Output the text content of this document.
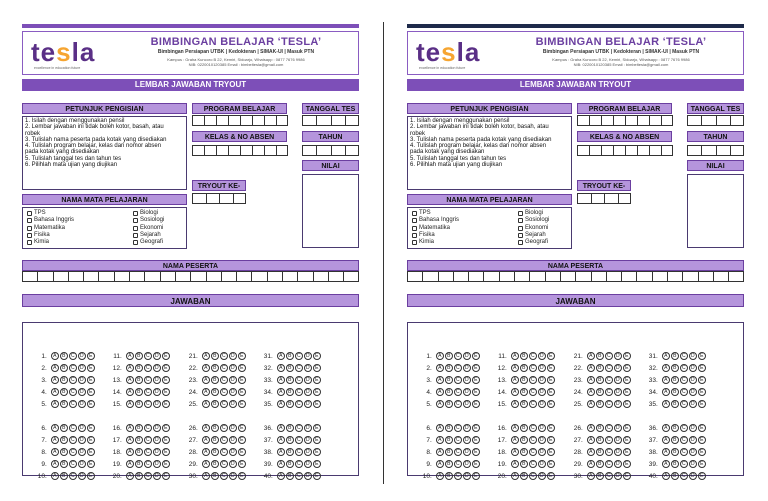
tesla
excellence in education future
BIMBINGAN BELAJAR ‘TESLA’
Bimbingan Persiapan UTBK | Kedokteran | SIMAK-UI | Masuk PTN
Kampus : Graha Kuncoro B 22, Kemiri, Sidoarjo, Whatsapp : 0877 7676 9986
NIB: 0220010120385 Email : bimbeltesla@gmail.com
LEMBAR JAWABAN TRYOUT
PETUNJUK PENGISIAN
1. Isilah dengan menggunakan pensil
2. Lembar jawaban ini tidak boleh kotor, basah, atau
robek
3. Tulislah nama peserta pada kotak yang disediakan
4. Tulislah program belajar, kelas dan nomor absen
pada kotak yang disediakan
5. Tulislah tanggal tes dan tahun tes
6. Pilihlah mata ujian yang diujikan
PROGRAM BELAJAR	TANGGAL TES
KELAS & NO ABSEN	TAHUN
NILAI
TRYOUT KE-
NAMA MATA PELAJARAN
TPS
Bahasa Inggris
Matematika
Fisika
Kimia
Biologi
Sosiologi
Ekonomi
Sejarah
Geografi
NAMA PESERTA
JAWABAN
1 .	A	B	C	D	E
2 .	A	B	C	D	E
3 .	A	B	C	D	E
4 .	A	B	C	D	E
5 .	A	B	C	D	E
6 .	A	B	C	D	E
7 .	A	B	C	D	E
8 .	A	B	C	D	E
9 .	A	B	C	D	E
10 .	A	B	C	D	E
11 .	A	B	C	D	E
12 .	A	B	C	D	E
13 .	A	B	C	D	E
14 .	A	B	C	D	E
15 .	A	B	C	D	E
16 .	A	B	C	D	E
17 .	A	B	C	D	E
18 .	A	B	C	D	E
19 .	A	B	C	D	E
20 .	A	B	C	D	E
21 .	A	B	C	D	E
22 .	A	B	C	D	E
23 .	A	B	C	D	E
24 .	A	B	C	D	E
25 .	A	B	C	D	E
26 .	A	B	C	D	E
27 .	A	B	C	D	E
28 .	A	B	C	D	E
29 .	A	B	C	D	E
30 .	A	B	C	D	E
31 .	A	B	C	D	E
32 .	A	B	C	D	E
33 .	A	B	C	D	E
34 .	A	B	C	D	E
35 .	A	B	C	D	E
36 .	A	B	C	D	E
37 .	A	B	C	D	E
38 .	A	B	C	D	E
39 .	A	B	C	D	E
40 .	A	B	C	D	E
tesla
excellence in education future
BIMBINGAN BELAJAR ‘TESLA’
Bimbingan Persiapan UTBK | Kedokteran | SIMAK-UI | Masuk PTN
Kampus : Graha Kuncoro B 22, Kemiri, Sidoarjo, Whatsapp : 0877 7676 9986
NIB: 0220010120385 Email : bimbeltesla@gmail.com
LEMBAR JAWABAN TRYOUT
PETUNJUK PENGISIAN
1. Isilah dengan menggunakan pensil
2. Lembar jawaban ini tidak boleh kotor, basah, atau
robek
3. Tulislah nama peserta pada kotak yang disediakan
4. Tulislah program belajar, kelas dan nomor absen
pada kotak yang disediakan
5. Tulislah tanggal tes dan tahun tes
6. Pilihlah mata ujian yang diujikan
PROGRAM BELAJAR	TANGGAL TES
KELAS & NO ABSEN	TAHUN
NILAI
TRYOUT KE-
NAMA MATA PELAJARAN
TPS
Bahasa Inggris
Matematika
Fisika
Kimia
Biologi
Sosiologi
Ekonomi
Sejarah
Geografi
NAMA PESERTA
JAWABAN
1 .	A	B	C	D	E
2 .	A	B	C	D	E
3 .	A	B	C	D	E
4 .	A	B	C	D	E
5 .	A	B	C	D	E
6 .	A	B	C	D	E
7 .	A	B	C	D	E
8 .	A	B	C	D	E
9 .	A	B	C	D	E
10 .	A	B	C	D	E
11 .	A	B	C	D	E
12 .	A	B	C	D	E
13 .	A	B	C	D	E
14 .	A	B	C	D	E
15 .	A	B	C	D	E
16 .	A	B	C	D	E
17 .	A	B	C	D	E
18 .	A	B	C	D	E
19 .	A	B	C	D	E
20 .	A	B	C	D	E
21 .	A	B	C	D	E
22 .	A	B	C	D	E
23 .	A	B	C	D	E
24 .	A	B	C	D	E
25 .	A	B	C	D	E
26 .	A	B	C	D	E
27 .	A	B	C	D	E
28 .	A	B	C	D	E
29 .	A	B	C	D	E
30 .	A	B	C	D	E
31 .	A	B	C	D	E
32 .	A	B	C	D	E
33 .	A	B	C	D	E
34 .	A	B	C	D	E
35 .	A	B	C	D	E
36 .	A	B	C	D	E
37 .	A	B	C	D	E
38 .	A	B	C	D	E
39 .	A	B	C	D	E
40 .	A	B	C	D	E
